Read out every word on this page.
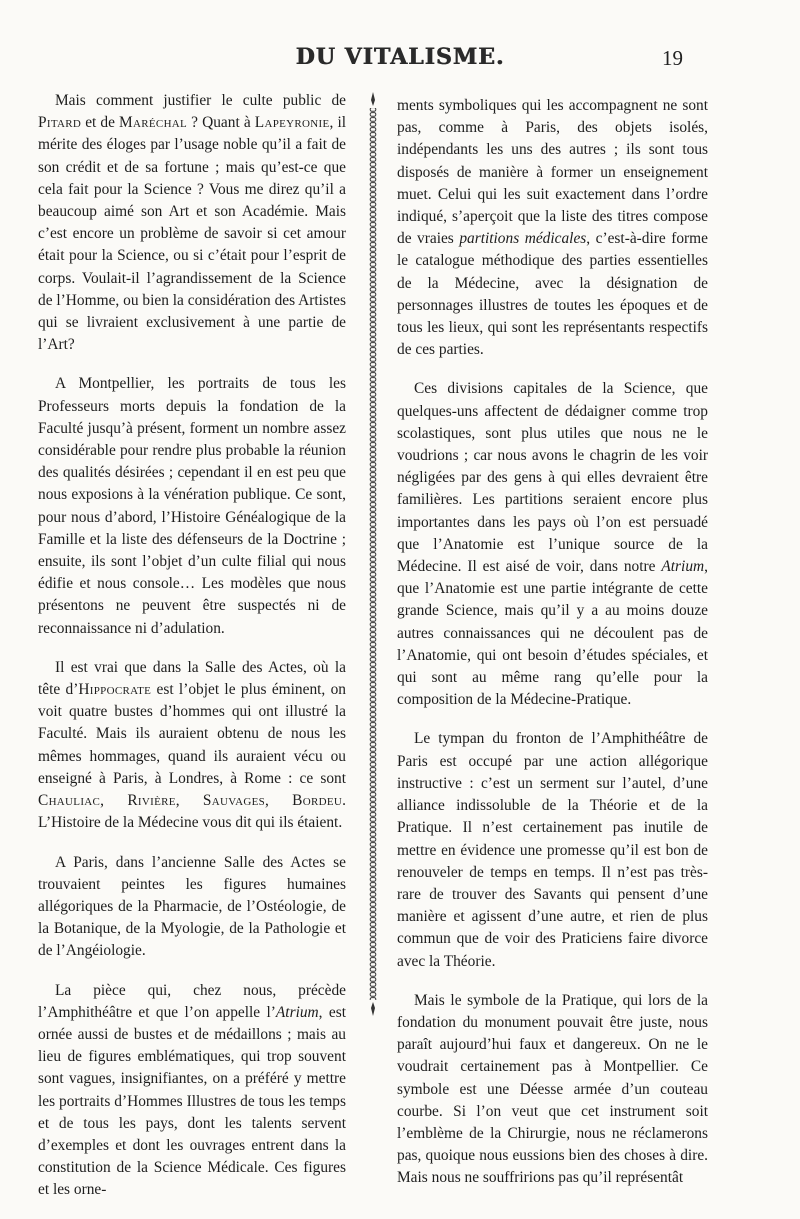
DU VITALISME.	19

Mais comment justifier le culte public de Pitard et de Maréchal ? Quant à Lapeyronie, il mérite des éloges par l’usage noble qu’il a fait de son crédit et de sa fortune ; mais qu’est-ce que cela fait pour la Science ? Vous me direz qu’il a beaucoup aimé son Art et son Académie. Mais c’est encore un problème de savoir si cet amour était pour la Science, ou si c’était pour l’esprit de corps. Voulait-il l’agrandissement de la Science de l’Homme, ou bien la considération des Artistes qui se livraient exclusivement à une partie de l’Art?

A Montpellier, les portraits de tous les Professeurs morts depuis la fondation de la Faculté jusqu’à présent, forment un nombre assez considérable pour rendre plus probable la réunion des qualités désirées ; cependant il en est peu que nous exposions à la vénération publique. Ce sont, pour nous d’abord, l’Histoire Généalogique de la Famille et la liste des défenseurs de la Doctrine ; ensuite, ils sont l’objet d’un culte filial qui nous édifie et nous console… Les modèles que nous présentons ne peuvent être suspectés ni de reconnaissance ni d’adulation.

Il est vrai que dans la Salle des Actes, où la tête d’Hippocrate est l’objet le plus éminent, on voit quatre bustes d’hommes qui ont illustré la Faculté. Mais ils auraient obtenu de nous les mêmes hommages, quand ils auraient vécu ou enseigné à Paris, à Londres, à Rome : ce sont Chauliac, Rivière, Sauvages, Bordeu. L’Histoire de la Médecine vous dit qui ils étaient.

A Paris, dans l’ancienne Salle des Actes se trouvaient peintes les figures humaines allégoriques de la Pharmacie, de l’Ostéologie, de la Botanique, de la Myologie, de la Pathologie et de l’Angéiologie.

La pièce qui, chez nous, précède l’Amphithéâtre et que l’on appelle l’Atrium, est ornée aussi de bustes et de médaillons ; mais au lieu de figures emblématiques, qui trop souvent sont vagues, insignifiantes, on a préféré y mettre les portraits d’Hommes Illustres de tous les temps et de tous les pays, dont les talents servent d’exemples et dont les ouvrages entrent dans la constitution de la Science Médicale. Ces figures et les orne-

ments symboliques qui les accompagnent ne sont pas, comme à Paris, des objets isolés, indépendants les uns des autres ; ils sont tous disposés de manière à former un enseignement muet. Celui qui les suit exactement dans l’ordre indiqué, s’aperçoit que la liste des titres compose de vraies partitions médicales, c’est-à-dire forme le catalogue méthodique des parties essentielles de la Médecine, avec la désignation de personnages illustres de toutes les époques et de tous les lieux, qui sont les représentants respectifs de ces parties.

Ces divisions capitales de la Science, que quelques-uns affectent de dédaigner comme trop scolastiques, sont plus utiles que nous ne le voudrions ; car nous avons le chagrin de les voir négligées par des gens à qui elles devraient être familières. Les partitions seraient encore plus importantes dans les pays où l’on est persuadé que l’Anatomie est l’unique source de la Médecine. Il est aisé de voir, dans notre Atrium, que l’Anatomie est une partie intégrante de cette grande Science, mais qu’il y a au moins douze autres connaissances qui ne découlent pas de l’Anatomie, qui ont besoin d’études spéciales, et qui sont au même rang qu’elle pour la composition de la Médecine-Pratique.

Le tympan du fronton de l’Amphithéâtre de Paris est occupé par une action allégorique instructive : c’est un serment sur l’autel, d’une alliance indissoluble de la Théorie et de la Pratique. Il n’est certainement pas inutile de mettre en évidence une promesse qu’il est bon de renouveler de temps en temps. Il n’est pas très-rare de trouver des Savants qui pensent d’une manière et agissent d’une autre, et rien de plus commun que de voir des Praticiens faire divorce avec la Théorie.

Mais le symbole de la Pratique, qui lors de la fondation du monument pouvait être juste, nous paraît aujourd’hui faux et dangereux. On ne le voudrait certainement pas à Montpellier. Ce symbole est une Déesse armée d’un couteau courbe. Si l’on veut que cet instrument soit l’emblème de la Chirurgie, nous ne réclamerons pas, quoique nous eussions bien des choses à dire. Mais nous ne souffririons pas qu’il représentât
